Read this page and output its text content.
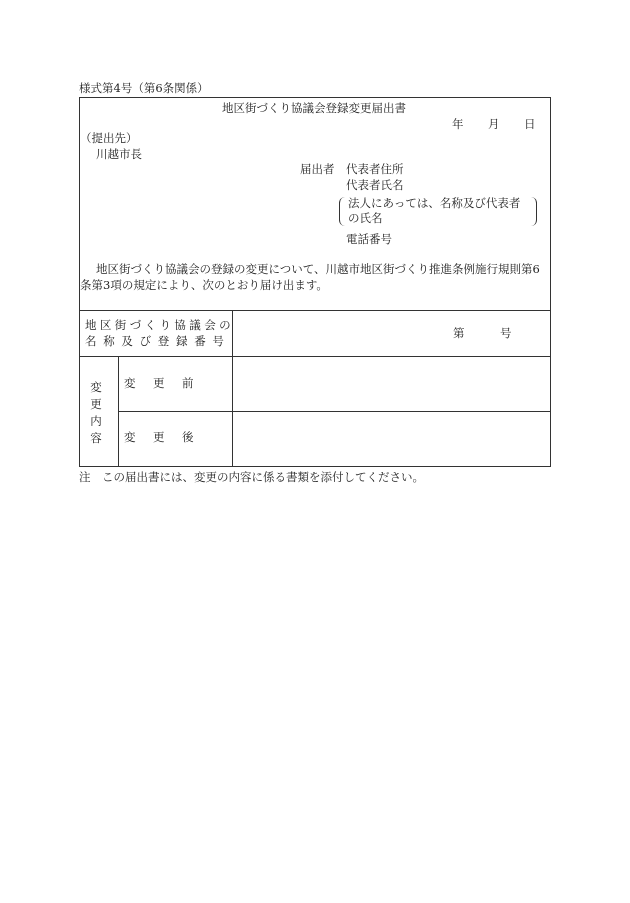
様式第4号（第6条関係）
地区街づくり協議会登録変更届出書
年 月 日
（提出先）
川越市長
届出者 代表者住所
代表者氏名
法人にあっては、名称及び代表者
の氏名
電話番号
地区街づくり協議会の登録の変更について、川越市地区街づくり推進条例施行規則第6
条第3項の規定により、次のとおり届け出ます。
地区街づくり協議会の
名称及び登録番号
第	号
変更内容
変　更　前
変　更　後
注　この届出書には、変更の内容に係る書類を添付してください。
